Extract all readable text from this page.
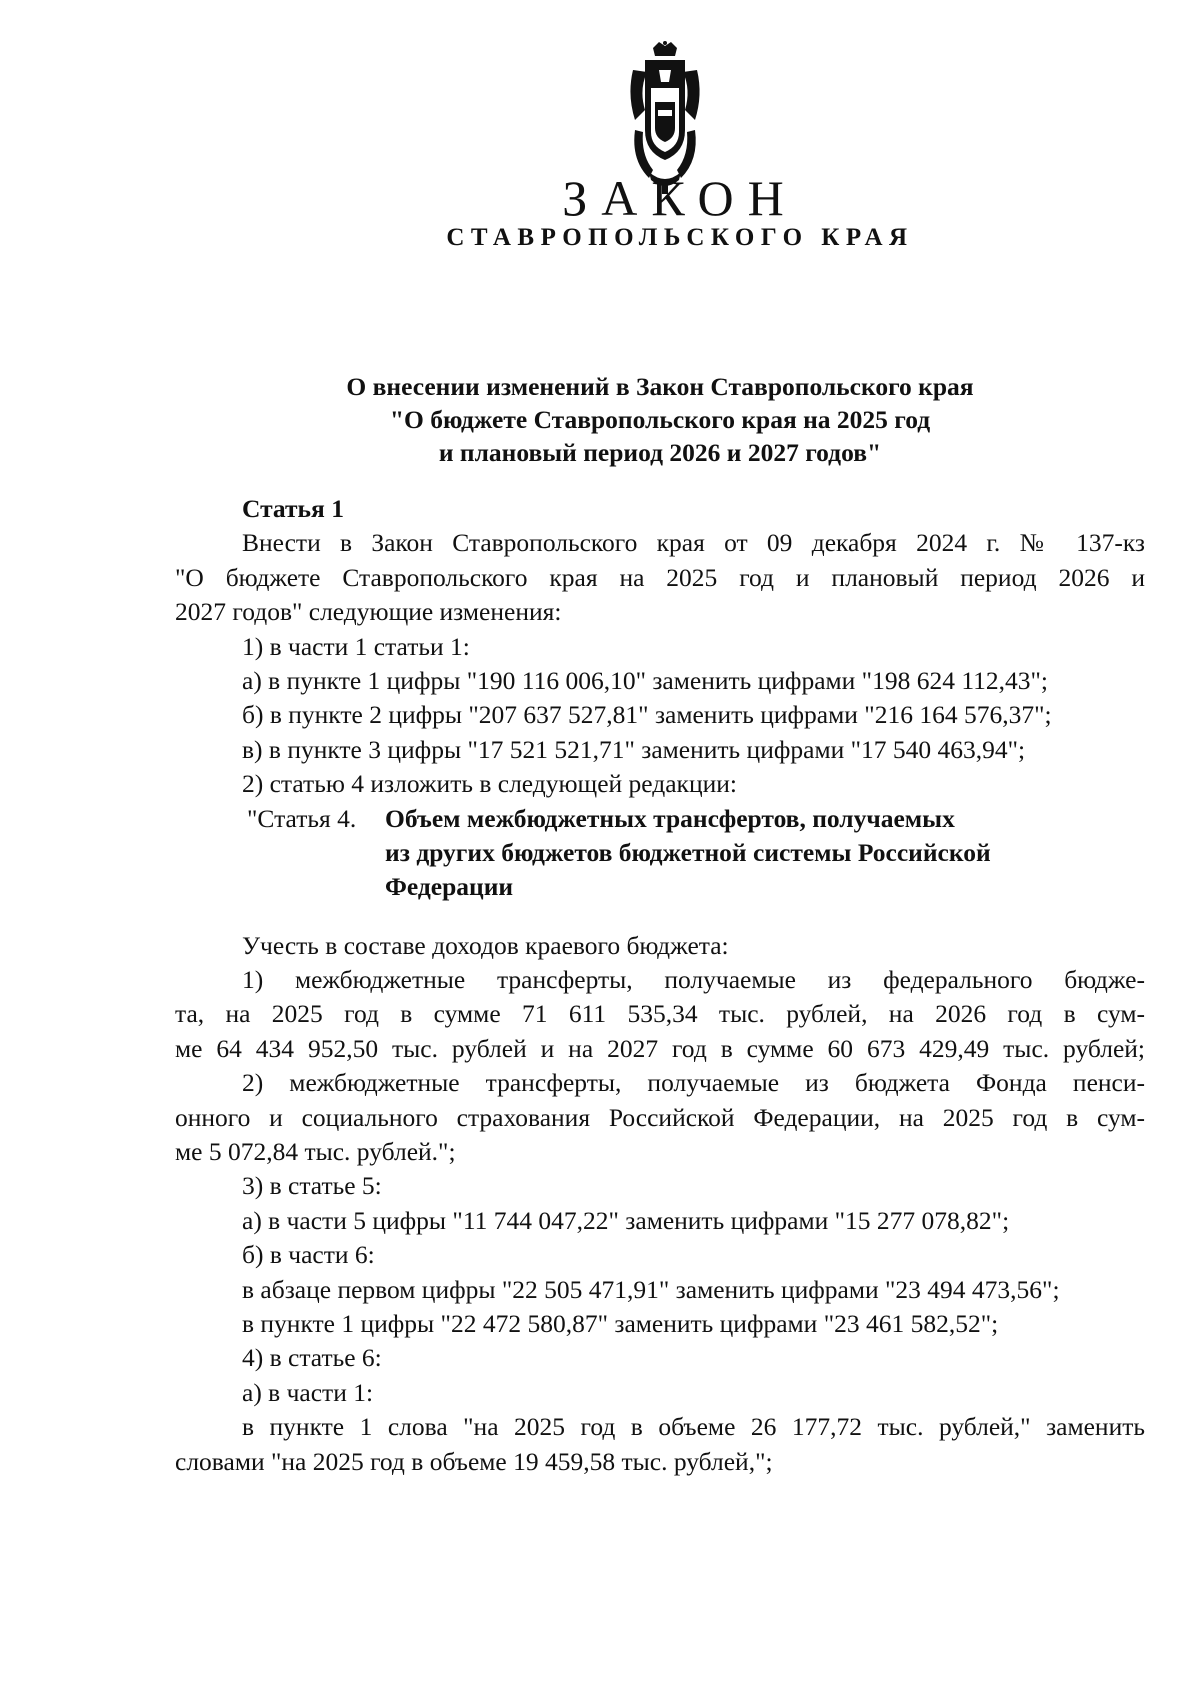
ЗАКОН
СТАВРОПОЛЬСКОГО КРАЯ
О внесении изменений в Закон Ставропольского края
"О бюджете Ставропольского края на 2025 год
и плановый период 2026 и 2027 годов"
Статья 1
Внести в Закон Ставропольского края от 09 декабря 2024 г. № 137-кз
"О бюджете Ставропольского края на 2025 год и плановый период 2026 и
2027 годов" следующие изменения:
1) в части 1 статьи 1:
а) в пункте 1 цифры "190 116 006,10" заменить цифрами "198 624 112,43";
б) в пункте 2 цифры "207 637 527,81" заменить цифрами "216 164 576,37";
в) в пункте 3 цифры "17 521 521,71" заменить цифрами "17 540 463,94";
2) статью 4 изложить в следующей редакции:
"Статья 4.	Объем межбюджетных трансфертов, получаемых
из других бюджетов бюджетной системы Российской
Федерации
Учесть в составе доходов краевого бюджета:
1) межбюджетные трансферты, получаемые из федерального бюдже-
та, на 2025 год в сумме 71 611 535,34 тыс. рублей, на 2026 год в сум-
ме 64 434 952,50 тыс. рублей и на 2027 год в сумме 60 673 429,49 тыс. рублей;
2) межбюджетные трансферты, получаемые из бюджета Фонда пенси-
онного и социального страхования Российской Федерации, на 2025 год в сум-
ме 5 072,84 тыс. рублей.";
3) в статье 5:
а) в части 5 цифры "11 744 047,22" заменить цифрами "15 277 078,82";
б) в части 6:
в абзаце первом цифры "22 505 471,91" заменить цифрами "23 494 473,56";
в пункте 1 цифры "22 472 580,87" заменить цифрами "23 461 582,52";
4) в статье 6:
а) в части 1:
в пункте 1 слова "на 2025 год в объеме 26 177,72 тыс. рублей," заменить
словами "на 2025 год в объеме 19 459,58 тыс. рублей,";
